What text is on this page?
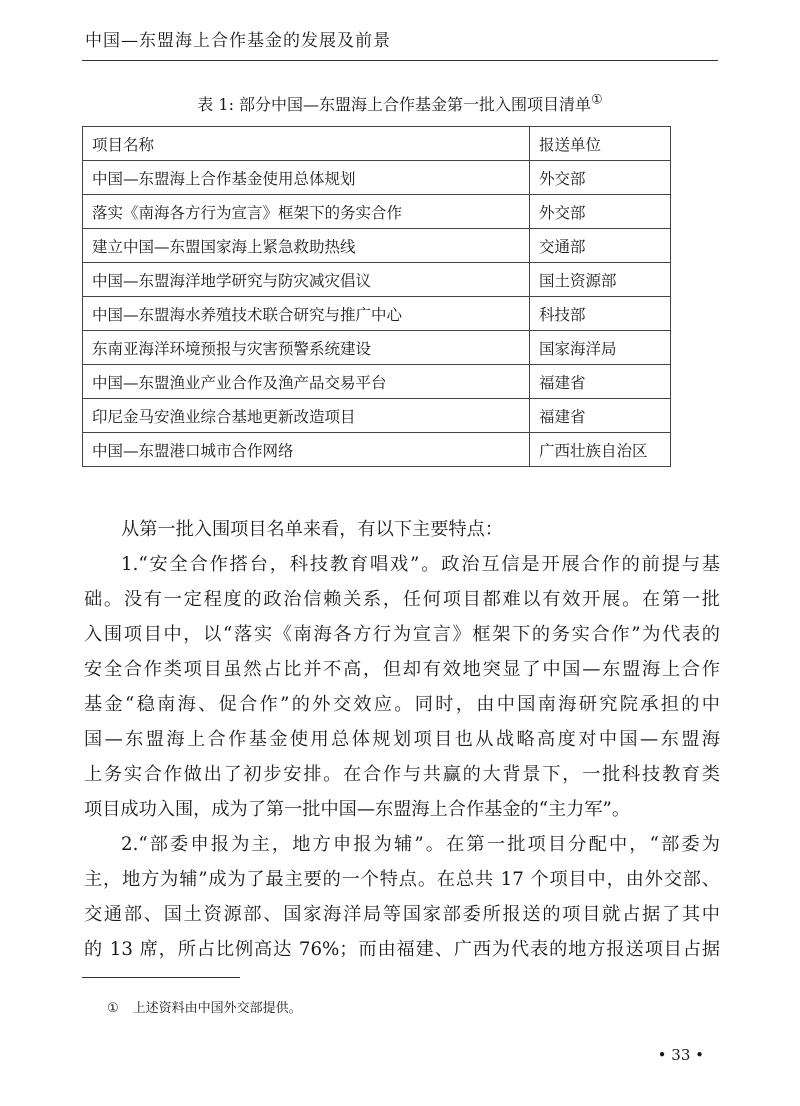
中国—东盟海上合作基金的发展及前景
表 1: 部分中国—东盟海上合作基金第一批入围项目清单①
项目名称	报送单位
中国—东盟海上合作基金使用总体规划	外交部
落实《南海各方行为宣言》框架下的务实合作	外交部
建立中国—东盟国家海上紧急救助热线	交通部
中国—东盟海洋地学研究与防灾减灾倡议	国土资源部
中国—东盟海水养殖技术联合研究与推广中心	科技部
东南亚海洋环境预报与灾害预警系统建设	国家海洋局
中国—东盟渔业产业合作及渔产品交易平台	福建省
印尼金马安渔业综合基地更新改造项目	福建省
中国—东盟港口城市合作网络	广西壮族自治区

从第一批入围项目名单来看，有以下主要特点：

1.“安全合作搭台，科技教育唱戏”。政治互信是开展合作的前提与基

础。没有一定程度的政治信赖关系，任何项目都难以有效开展。在第一批

入围项目中，以“落实《南海各方行为宣言》框架下的务实合作”为代表的

安全合作类项目虽然占比并不高，但却有效地突显了中国—东盟海上合作

基金“稳南海、促合作”的外交效应。同时，由中国南海研究院承担的中

国—东盟海上合作基金使用总体规划项目也从战略高度对中国—东盟海

上务实合作做出了初步安排。在合作与共赢的大背景下，一批科技教育类

项目成功入围，成为了第一批中国—东盟海上合作基金的“主力军”。

2.“部委申报为主，地方申报为辅”。在第一批项目分配中，“部委为

主，地方为辅”成为了最主要的一个特点。在总共 17 个项目中，由外交部、

交通部、国土资源部、国家海洋局等国家部委所报送的项目就占据了其中

的 13 席，所占比例高达 76%；而由福建、广西为代表的地方报送项目占据

① 上述资料由中国外交部提供。
• 33 •
